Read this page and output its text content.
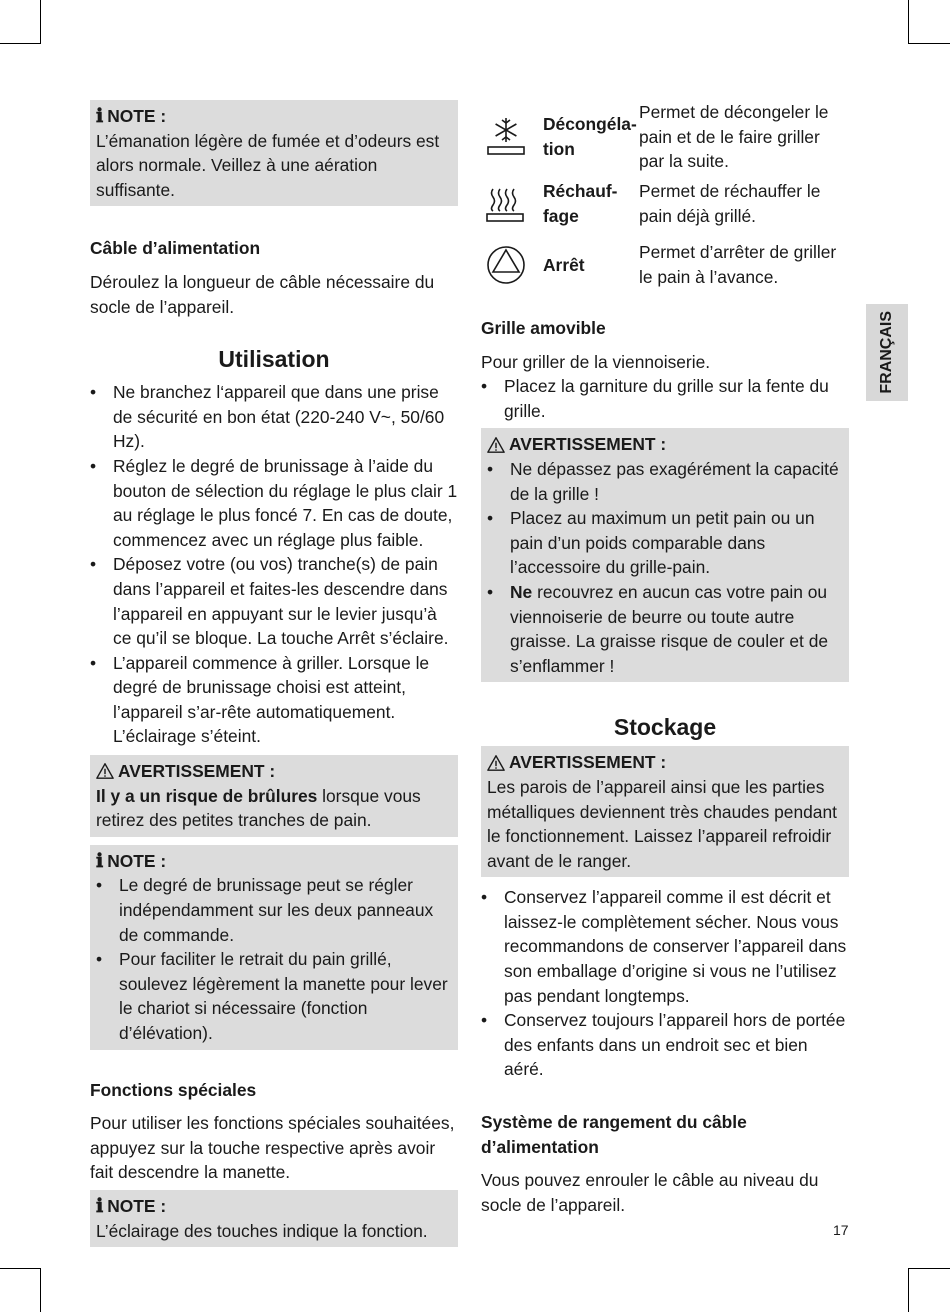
ℹ NOTE :

L’émanation légère de fumée et d’odeurs est alors normale. Veillez à une aération suffisante.

Câble d’alimentation

Déroulez la longueur de câble nécessaire du socle de l’appareil.

Utilisation
• Ne branchez l‘appareil que dans une prise de sécurité en bon état (220-240 V~, 50/60 Hz).
• Réglez le degré de brunissage à l’aide du bouton de sélection du réglage le plus clair 1 au réglage le plus foncé 7. En cas de doute, commencez avec un réglage plus faible.
• Déposez votre (ou vos) tranche(s) de pain dans l’appareil et faites-les descendre dans l’appareil en appuyant sur le levier jusqu’à ce qu’il se bloque. La touche Arrêt s’éclaire.
• L’appareil commence à griller. Lorsque le degré de brunissage choisi est atteint, l’appareil s’ar-rête automatiquement. L’éclairage s’éteint.
AVERTISSEMENT :

Il y a un risque de brûlures lorsque vous retirez des petites tranches de pain.

ℹ NOTE :
• Le degré de brunissage peut se régler indépendamment sur les deux panneaux de commande.
• Pour faciliter le retrait du pain grillé, soulevez légèrement la manette pour lever le chariot si nécessaire (fonction d’élévation).
Fonctions spéciales

Pour utiliser les fonctions spéciales souhaitées, appuyez sur la touche respective après avoir fait descendre la manette.

ℹ NOTE :

L’éclairage des touches indique la fonction.

Décongéla-tion
Permet de décongeler le pain et de le faire griller par la suite.
Réchauf-fage
Permet de réchauffer le pain déjà grillé.
Arrêt
Permet d’arrêter de griller le pain à l’avance.
Grille amovible

Pour griller de la viennoiserie.

• Placez la garniture du grille sur la fente du grille.
AVERTISSEMENT :
• Ne dépassez pas exagérément la capacité de la grille !
• Placez au maximum un petit pain ou un pain d’un poids comparable dans l’accessoire du grille-pain.
• Ne recouvrez en aucun cas votre pain ou viennoiserie de beurre ou toute autre graisse. La graisse risque de couler et de s’enflammer !
Stockage
AVERTISSEMENT :

Les parois de l’appareil ainsi que les parties métalliques deviennent très chaudes pendant le fonctionnement. Laissez l’appareil refroidir avant de le ranger.

• Conservez l’appareil comme il est décrit et laissez-le complètement sécher. Nous vous recommandons de conserver l’appareil dans son emballage d’origine si vous ne l’utilisez pas pendant longtemps.
• Conservez toujours l’appareil hors de portée des enfants dans un endroit sec et bien aéré.
Système de rangement du câble d’alimentation

Vous pouvez enrouler le câble au niveau du socle de l’appareil.

FRANÇAIS
17
